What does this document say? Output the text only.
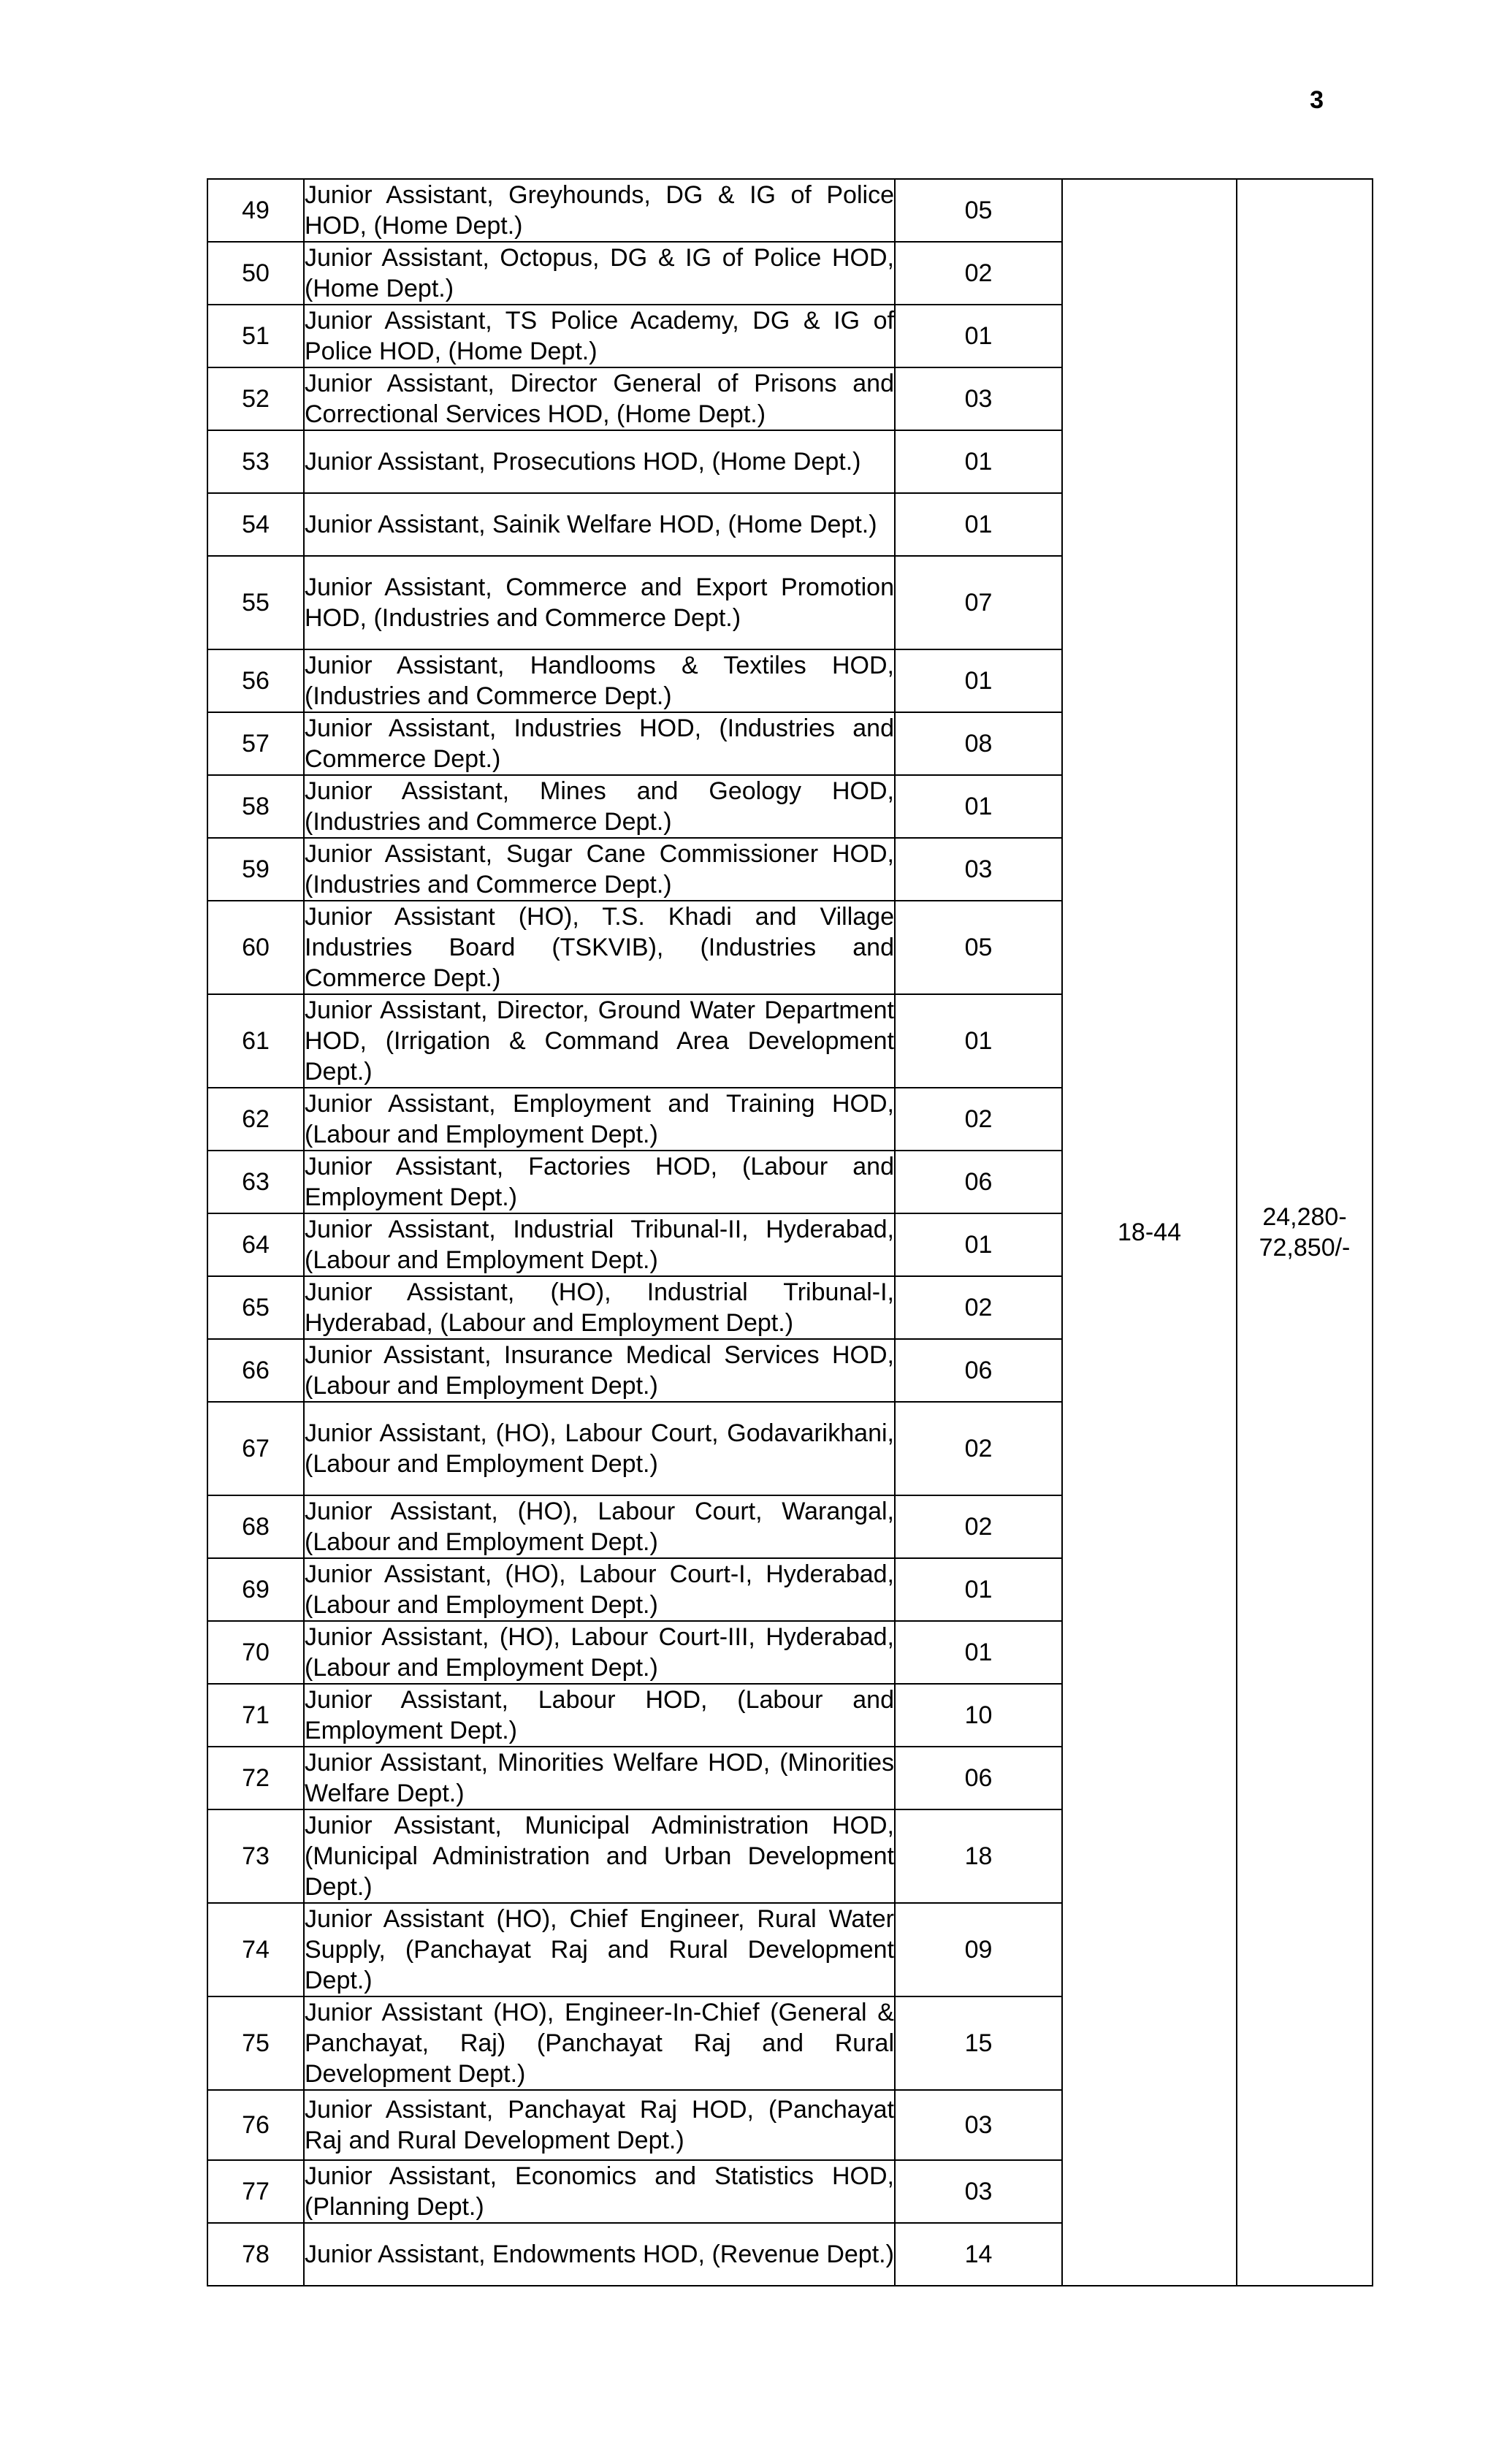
3
49	Junior Assistant, Greyhounds, DG & IG of Police HOD, (Home Dept.)	05	18-44	24,280-72,850/-
50	Junior Assistant, Octopus, DG & IG of Police HOD,(Home Dept.)	02		
51	Junior Assistant, TS Police Academy, DG & IG of Police HOD, (Home Dept.)	01		
52	Junior Assistant, Director General of Prisons and Correctional Services HOD, (Home Dept.)	03		
53	Junior Assistant, Prosecutions HOD, (Home Dept.)	01		
54	Junior Assistant, Sainik Welfare HOD, (Home Dept.)	01		
55	Junior Assistant, Commerce and Export Promotion HOD, (Industries and Commerce Dept.)	07		
56	Junior Assistant, Handlooms & Textiles HOD, (Industries and Commerce Dept.)	01		
57	Junior Assistant, Industries HOD, (Industries and Commerce Dept.)	08		
58	Junior Assistant, Mines and Geology HOD, (Industries and Commerce Dept.)	01		
59	Junior Assistant, Sugar Cane Commissioner HOD, (Industries and Commerce Dept.)	03		
60	Junior Assistant (HO), T.S. Khadi and Village Industries Board (TSKVIB), (Industries and Commerce Dept.)	05		
61	Junior Assistant, Director, Ground Water Department HOD, (Irrigation & Command Area Development Dept.)	01		
62	Junior Assistant, Employment and Training HOD, (Labour and Employment Dept.)	02		
63	Junior Assistant, Factories HOD, (Labour and Employment Dept.)	06		
64	Junior Assistant, Industrial Tribunal-II, Hyderabad, (Labour and Employment Dept.)	01		
65	Junior Assistant, (HO), Industrial Tribunal-I, Hyderabad, (Labour and Employment Dept.)	02		
66	Junior Assistant, Insurance Medical Services HOD,(Labour and Employment Dept.)	06		
67	Junior Assistant, (HO), Labour Court, Godavarikhani, (Labour and Employment Dept.)	02		
68	Junior Assistant, (HO), Labour Court, Warangal, (Labour and Employment Dept.)	02		
69	Junior Assistant, (HO), Labour Court-I, Hyderabad, (Labour and Employment Dept.)	01		
70	Junior Assistant, (HO), Labour Court-III, Hyderabad, (Labour and Employment Dept.)	01		
71	Junior Assistant, Labour HOD, (Labour and Employment Dept.)	10		
72	Junior Assistant, Minorities Welfare HOD, (Minorities Welfare Dept.)	06		
73	Junior Assistant, Municipal Administration HOD, (Municipal Administration and Urban Development Dept.)	18		
74	Junior Assistant (HO), Chief Engineer, Rural Water Supply, (Panchayat Raj and Rural Development Dept.)	09		
75	Junior Assistant (HO), Engineer-In-Chief (General & Panchayat, Raj) (Panchayat Raj and Rural Development Dept.)	15		
76	Junior Assistant, Panchayat Raj HOD, (Panchayat Raj and Rural Development Dept.)	03		
77	Junior Assistant, Economics and Statistics HOD, (Planning Dept.)	03		
78	Junior Assistant, Endowments HOD, (Revenue Dept.)	14		
